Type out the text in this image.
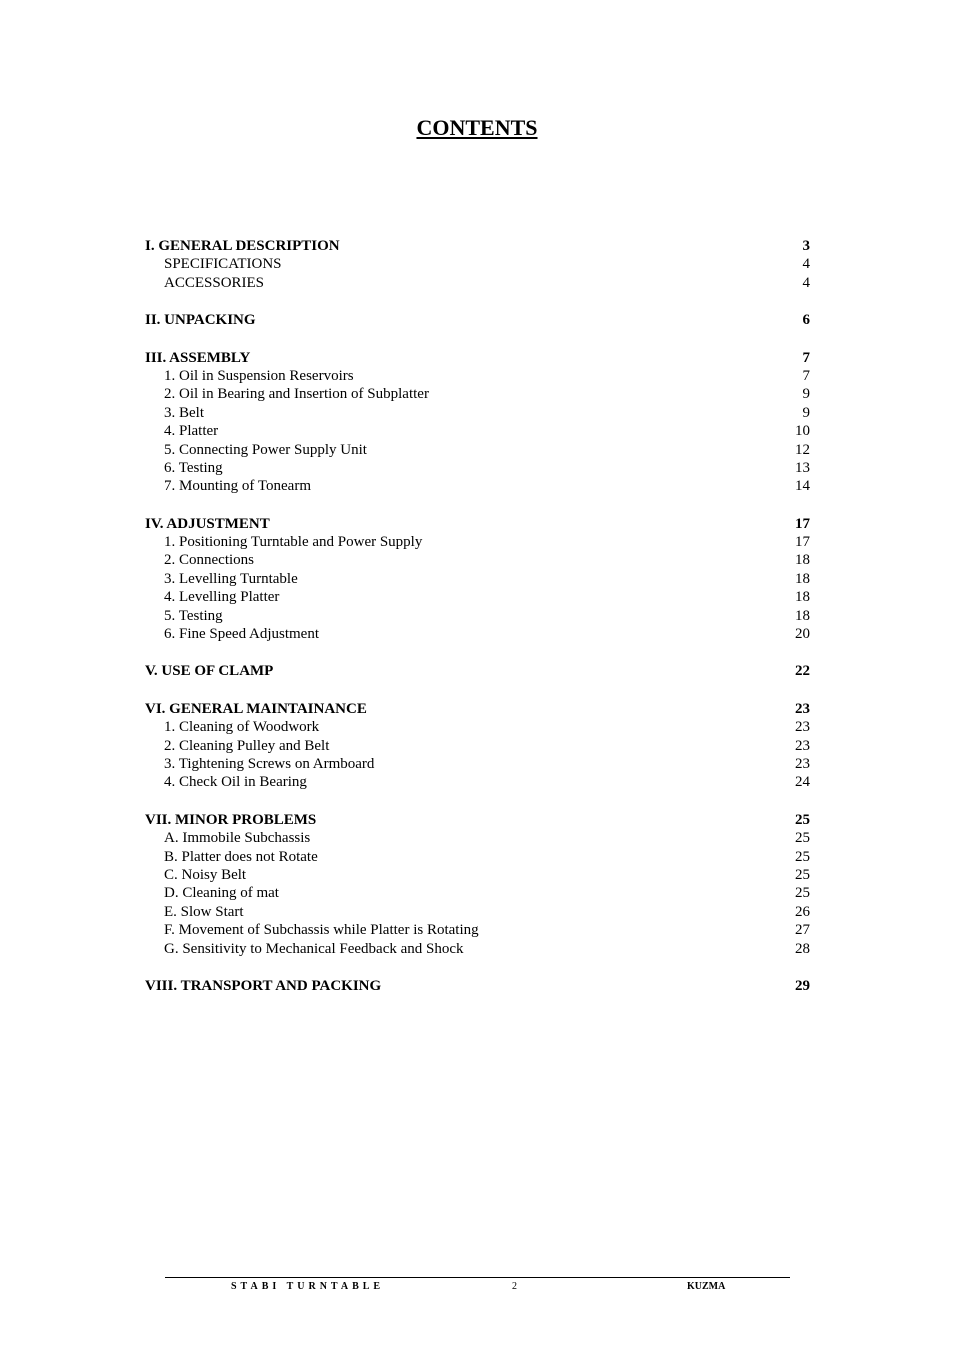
CONTENTS
I. GENERAL DESCRIPTION	3
SPECIFICATIONS	4
ACCESSORIES	4
II. UNPACKING	6
III. ASSEMBLY	7
1. Oil in Suspension Reservoirs	7
2. Oil in Bearing and Insertion of Subplatter	9
3. Belt	9
4. Platter	10
5. Connecting Power Supply Unit	12
6. Testing	13
7. Mounting of Tonearm	14
IV. ADJUSTMENT	17
1. Positioning Turntable and Power Supply	17
2. Connections	18
3. Levelling Turntable	18
4. Levelling Platter	18
5. Testing	18
6. Fine Speed Adjustment	20
V. USE OF CLAMP	22
VI. GENERAL MAINTAINANCE	23
1. Cleaning of Woodwork	23
2. Cleaning Pulley and Belt	23
3. Tightening Screws on Armboard	23
4. Check Oil in Bearing	24
VII. MINOR PROBLEMS	25
A. Immobile Subchassis	25
B. Platter does not Rotate	25
C. Noisy Belt	25
D. Cleaning of mat	25
E. Slow Start	26
F. Movement of Subchassis while Platter is Rotating	27
G. Sensitivity to Mechanical Feedback and Shock	28
VIII. TRANSPORT AND PACKING	29
STABI TURNTABLE	2	KUZMA
